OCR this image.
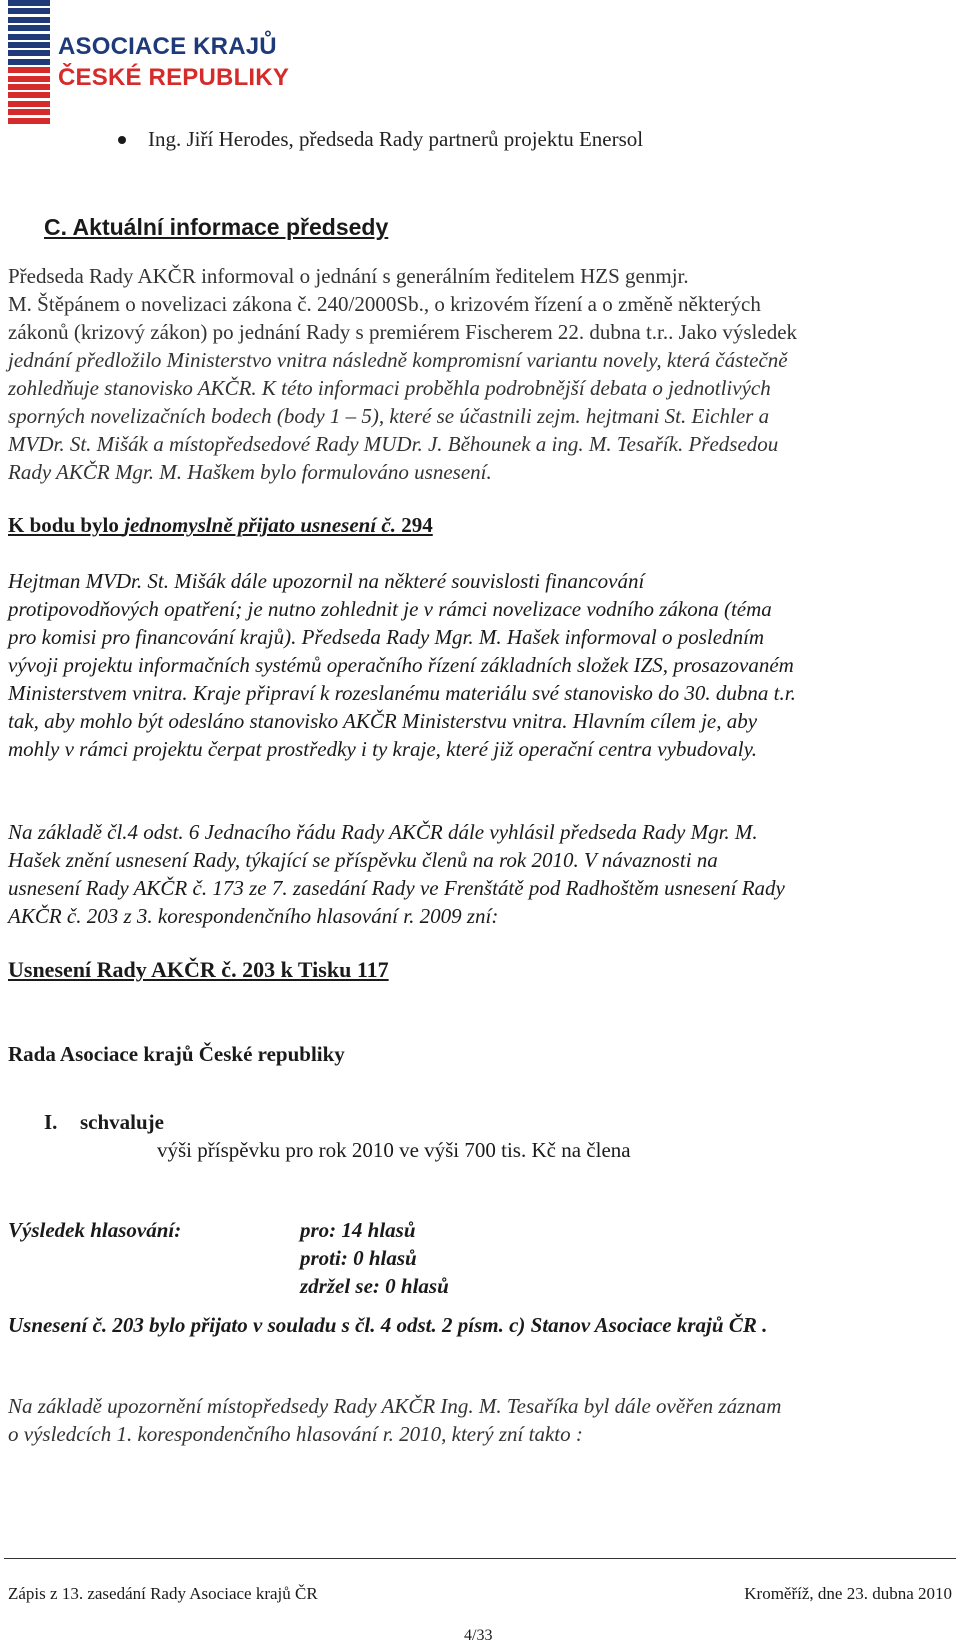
ASOCIACE KRAJŮ
ČESKÉ REPUBLIKY
Ing. Jiří Herodes, předseda Rady partnerů projektu Enersol
C. Aktuální informace předsedy
Předseda Rady AKČR informoval o jednání s generálním ředitelem HZS genmjr.
M. Štěpánem o novelizaci zákona č. 240/2000Sb., o krizovém řízení a o změně některých
zákonů (krizový zákon) po jednání Rady s premiérem Fischerem 22. dubna t.r.. Jako výsledek
jednání předložilo Ministerstvo vnitra následně kompromisní variantu novely, která částečně
zohledňuje stanovisko AKČR. K této informaci proběhla podrobnější debata o jednotlivých
sporných novelizačních bodech (body 1 – 5), které se účastnili zejm. hejtmani St. Eichler a
MVDr. St. Mišák a místopředsedové Rady MUDr. J. Běhounek a ing. M. Tesařík. Předsedou
Rady AKČR Mgr. M. Haškem bylo formulováno usnesení.
K bodu bylo jednomyslně přijato usnesení č. 294
Hejtman MVDr. St. Mišák dále upozornil na některé souvislosti financování
protipovodňových opatření; je nutno zohlednit je v rámci novelizace vodního zákona (téma
pro komisi pro financování krajů). Předseda Rady Mgr. M. Hašek informoval o posledním
vývoji projektu informačních systémů operačního řízení základních složek IZS, prosazovaném
Ministerstvem vnitra. Kraje připraví k rozeslanému materiálu své stanovisko do 30. dubna t.r.
tak, aby mohlo být odesláno stanovisko AKČR Ministerstvu vnitra. Hlavním cílem je, aby
mohly v rámci projektu čerpat prostředky i ty kraje, které již operační centra vybudovaly.
Na základě čl.4 odst. 6 Jednacího řádu Rady AKČR dále vyhlásil předseda Rady Mgr. M.
Hašek znění usnesení Rady, týkající se příspěvku členů na rok 2010. V návaznosti na
usnesení Rady AKČR č. 173 ze 7. zasedání Rady ve Frenštátě pod Radhoštěm usnesení Rady
AKČR č. 203 z 3. korespondenčního hlasování r. 2009 zní:
Usnesení Rady AKČR č. 203 k Tisku 117
Rada Asociace krajů České republiky
I. schvaluje
výši příspěvku pro rok 2010 ve výši 700 tis. Kč na člena
Výsledek hlasování:	pro: 14 hlasů
proti: 0 hlasů
zdržel se: 0 hlasů
Usnesení č. 203 bylo přijato v souladu s čl. 4 odst. 2 písm. c) Stanov Asociace krajů ČR .
Na základě upozornění místopředsedy Rady AKČR Ing. M. Tesaříka byl dále ověřen záznam
o výsledcích 1. korespondenčního hlasování r. 2010, který zní takto :
Zápis z 13. zasedání Rady Asociace krajů ČR	Kroměříž, dne 23. dubna 2010
4/33
